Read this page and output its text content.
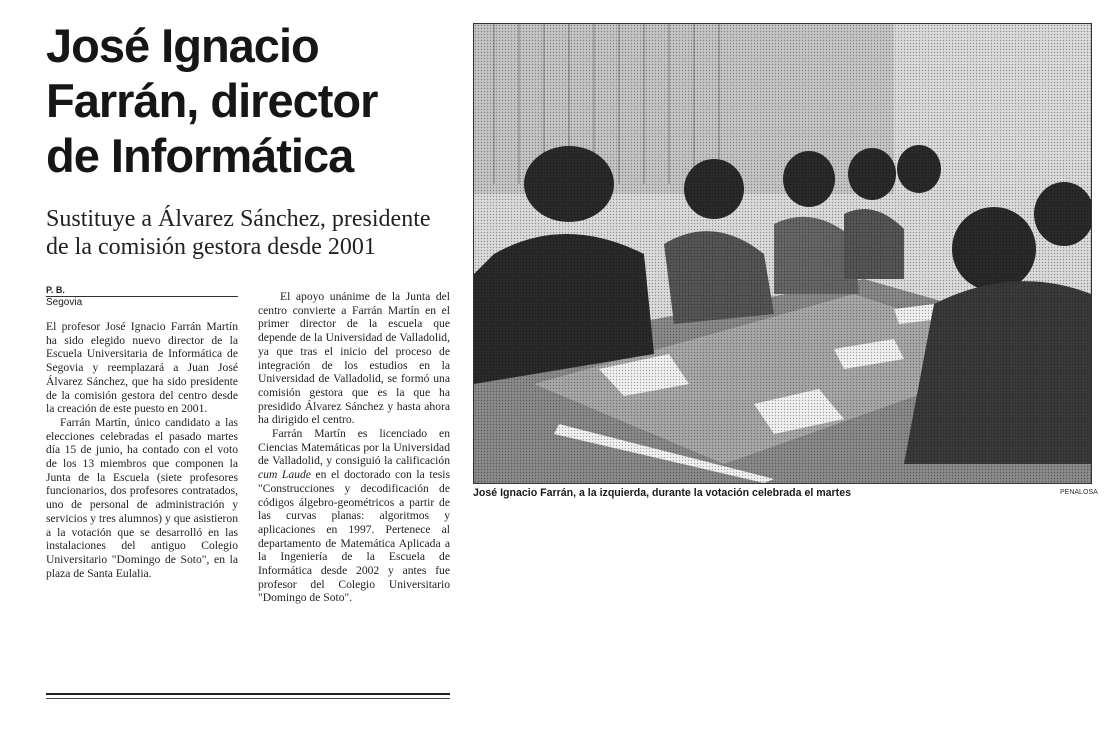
José Ignacio
Farrán, director
de Informática
Sustituye a Álvarez Sánchez, presidente
de la comisión gestora desde 2001
P. B.
Segovia

El profesor José Ignacio Farrán Martín ha sido elegido nuevo director de la Escuela Universitaria de Informática de Segovia y reemplazará a Juan José Álvarez Sánchez, que ha sido presidente de la comisión gestora del centro desde la creación de este puesto en 2001.

Farrán Martín, único candidato a las elecciones celebradas el pasado martes día 15 de junio, ha contado con el voto de los 13 miembros que componen la Junta de la Escuela (siete profesores funcionarios, dos profesores contratados, uno de personal de administración y servicios y tres alumnos) y que asistieron a la votación que se desarrolló en las instalaciones del antiguo Colegio Universitario "Domingo de Soto", en la plaza de Santa Eulalia.

El apoyo unánime de la Junta del centro convierte a Farrán Martín en el primer director de la escuela que depende de la Universidad de Valladolid, ya que tras el inicio del proceso de integración de los estudios en la Universidad de Valladolid, se formó una comisión gestora que es la que ha presidido Álvarez Sánchez y hasta ahora ha dirigido el centro.

Farrán Martín es licenciado en Ciencias Matemáticas por la Universidad de Valladolid, y consiguió la calificación cum Laude en el doctorado con la tesis "Construcciones y decodificación de códigos álgebro-geométricos a partir de las curvas planas: algoritmos y aplicaciones en 1997. Pertenece al departamento de Matemática Aplicada a la Ingeniería de la Escuela de Informática desde 2002 y antes fue profesor del Colegio Universitario "Domingo de Soto".

José Ignacio Farrán, a la izquierda, durante la votación celebrada el martes	PENALOSA
